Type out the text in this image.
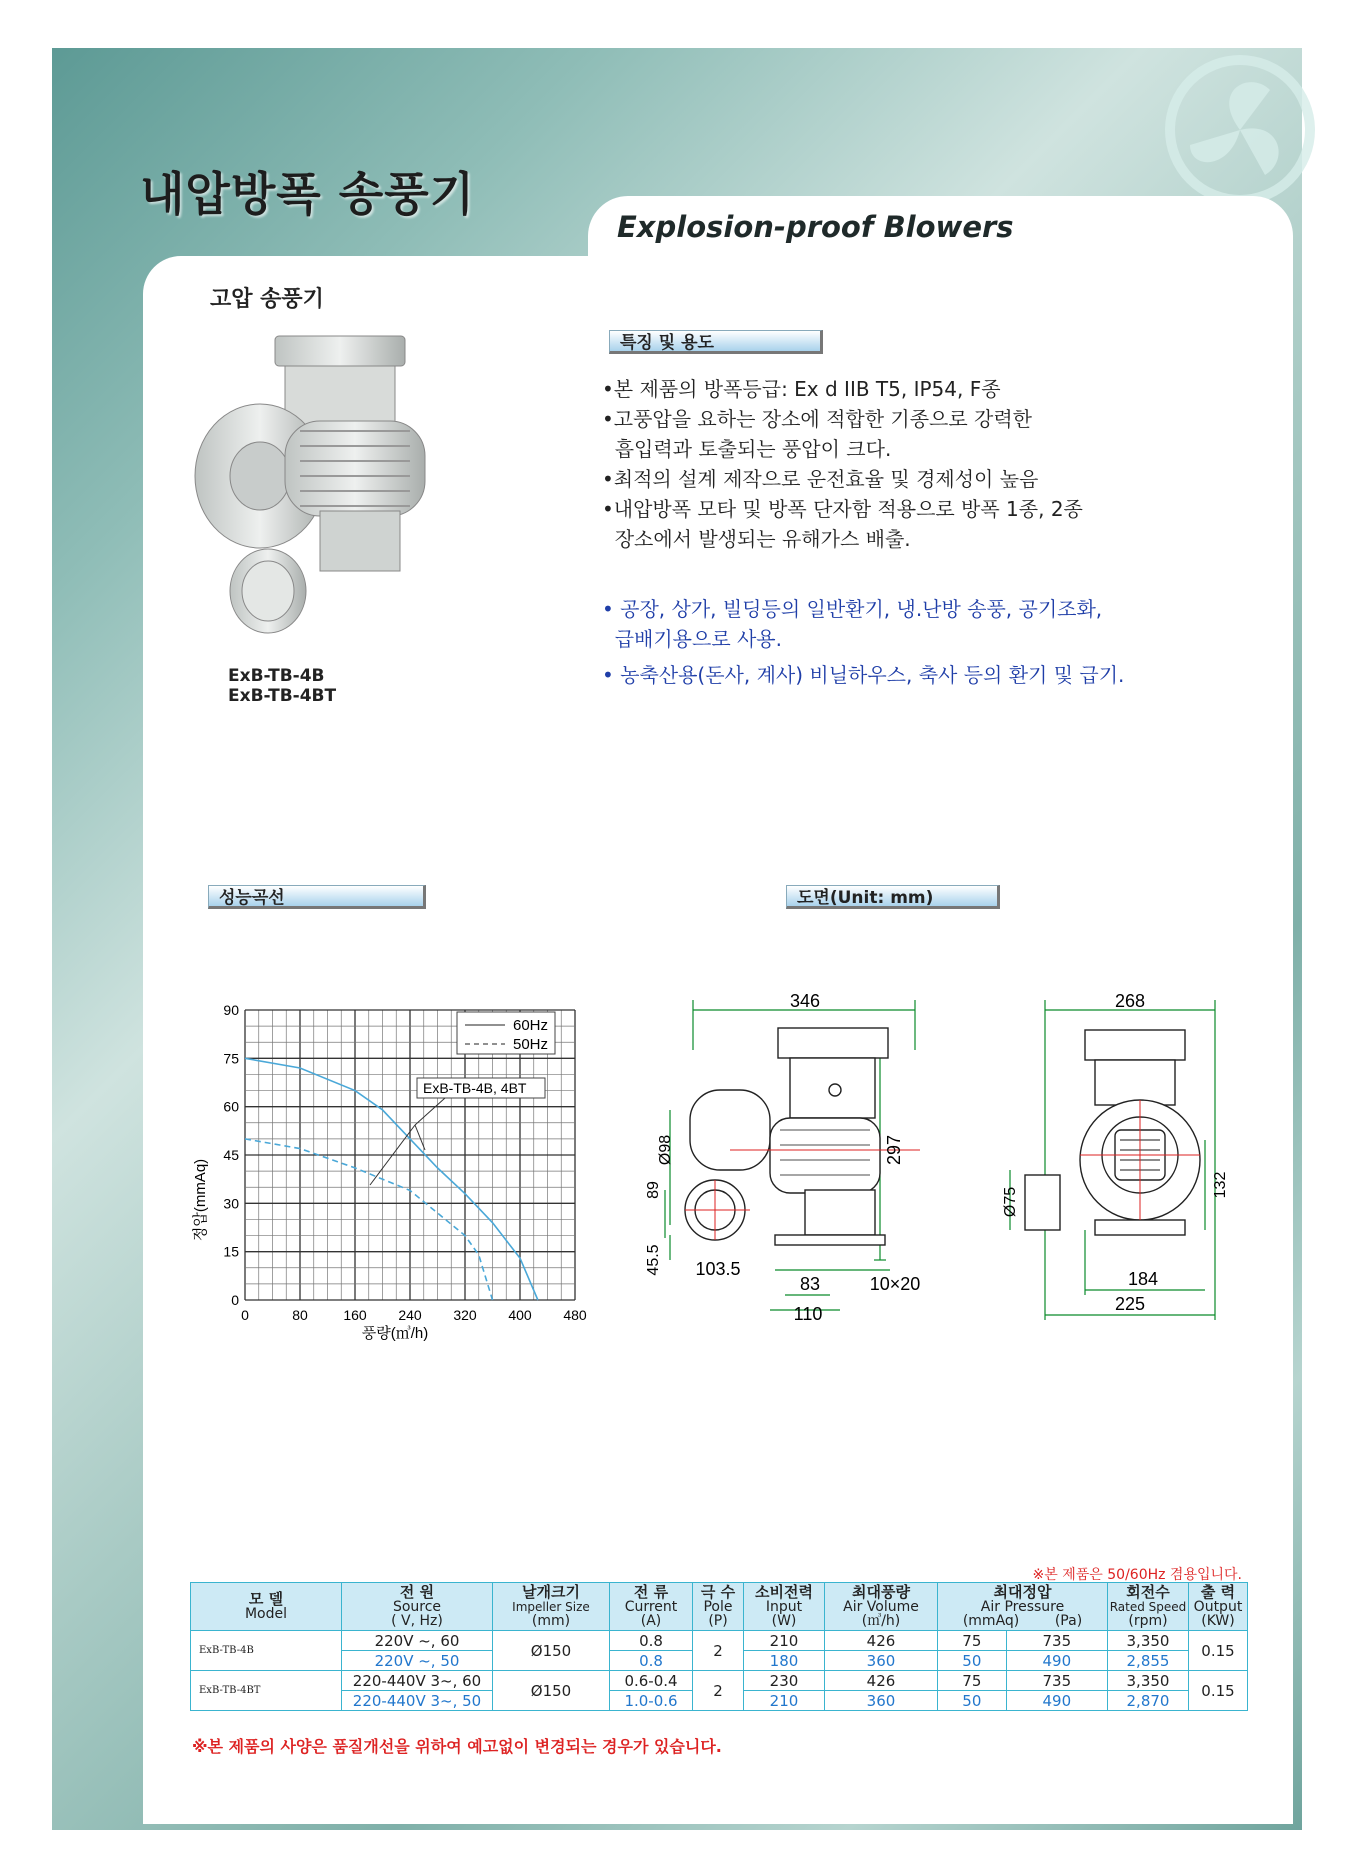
내압방폭 송풍기
Explosion-proof Blowers
고압 송풍기
ExB-TB-4B
ExB-TB-4BT
특징 및 용도
•본 제품의 방폭등급: Ex d IIB T5, IP54, F종
•고풍압을 요하는 장소에 적합한 기종으로 강력한
흡입력과 토출되는 풍압이 크다.
•최적의 설계 제작으로 운전효율 및 경제성이 높음
•내압방폭 모타 및 방폭 단자함 적용으로 방폭 1종, 2종
장소에서 발생되는 유해가스 배출.
• 공장, 상가, 빌딩등의 일반환기, 냉.난방 송풍, 공기조화,
급배기용으로 사용.
• 농축산용(돈사, 계사) 비닐하우스, 축사 등의 환기 및 급기.
성능곡선	도면(Unit: mm)
0	80	160 240 320 400 480
0
15
30
45
60
75
90
60Hz
50Hz
ExB-TB-4B, 4BT
정압(mmAq)
풍량(㎥/h)
346
297
Ø98
89
45.5 103.5
83	10×20
110
268
Ø75
132
184
225
※본 제품은 50/60Hz 겸용입니다.
모 델
Model	전 원
Source
( V, Hz)	날개크기
Impeller Size
(mm)	전 류
Current
(A)	극 수
Pole
(P)	소비전력
Input
(W)	최대풍량
Air Volume
(㎥/h)	최대정압
Air Pressure
(mmAq)        (Pa)		회전수
Rated Speed
(rpm)	출 력
Output
(KW)
ExB-TB-4B	220V ~, 60	Ø150	0.8	2	210	426	75	735	3,350	0.15
	220V ~, 50		0.8		180	360	50	490	2,855	
ExB-TB-4BT	220-440V 3~, 60	Ø150	0.6-0.4	2	230	426	75	735	3,350	0.15
	220-440V 3~, 50		1.0-0.6		210	360	50	490	2,870	
※본 제품의 사양은 품질개선을 위하여 예고없이 변경되는 경우가 있습니다.
